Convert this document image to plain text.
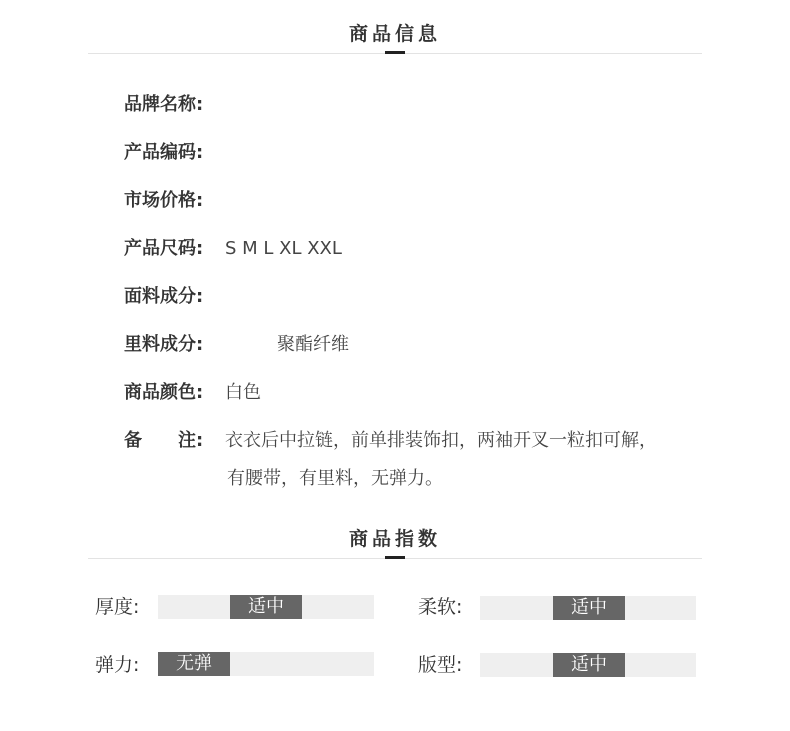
商品信息
品牌名称:
产品编码:
市场价格:
产品尺码: S M L XL XXL
面料成分:
里料成分:	聚酯纤维
商品颜色: 白色
备　　注: 衣衣后中拉链，前单排装饰扣，两袖开叉一粒扣可解，
有腰带，有里料，无弹力。
商品指数
厚度:	适中	柔软:	适中
弹力:	无弹	版型:	适中
